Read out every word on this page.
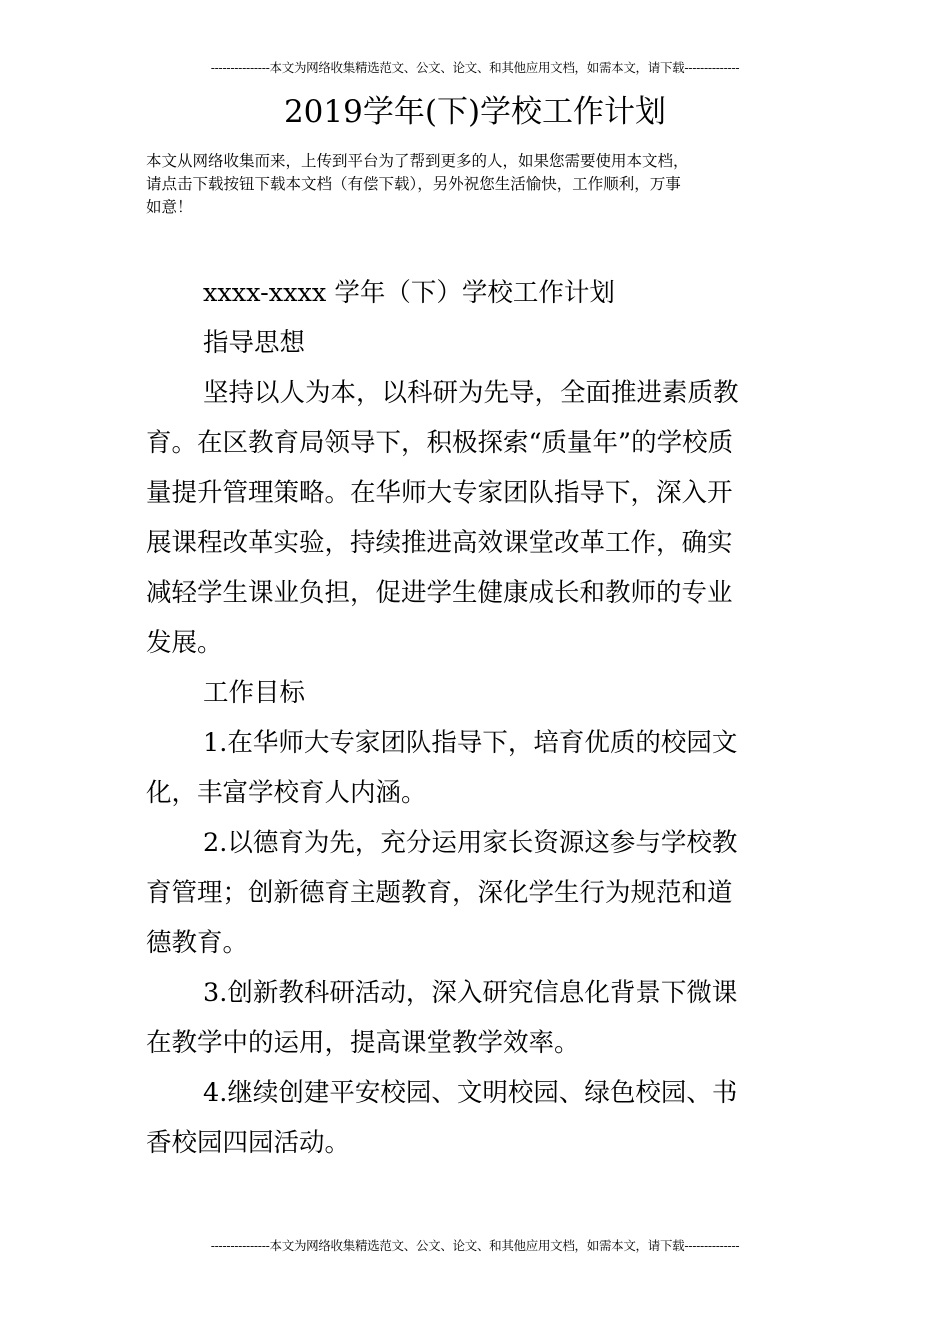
---------------本文为网络收集精选范文、公文、论文、和其他应用文档，如需本文，请下载--------------
2019学年(下)学校工作计划
本文从网络收集而来，上传到平台为了帮到更多的人，如果您需要使用本文档，
请点击下载按钮下载本文档（有偿下载），另外祝您生活愉快，工作顺利，万事
如意！
xxxx-xxxx 学年（下）学校工作计划
指导思想
坚持以人为本，以科研为先导，全面推进素质教
育。在区教育局领导下，积极探索“质量年”的学校质
量提升管理策略。在华师大专家团队指导下，深入开
展课程改革实验，持续推进高效课堂改革工作，确实
减轻学生课业负担，促进学生健康成长和教师的专业
发展。
工作目标
1.在华师大专家团队指导下，培育优质的校园文
化，丰富学校育人内涵。
2.以德育为先，充分运用家长资源这参与学校教
育管理；创新德育主题教育，深化学生行为规范和道
德教育。
3.创新教科研活动，深入研究信息化背景下微课
在教学中的运用，提高课堂教学效率。
4.继续创建平安校园、文明校园、绿色校园、书
香校园四园活动。
---------------本文为网络收集精选范文、公文、论文、和其他应用文档，如需本文，请下载--------------
